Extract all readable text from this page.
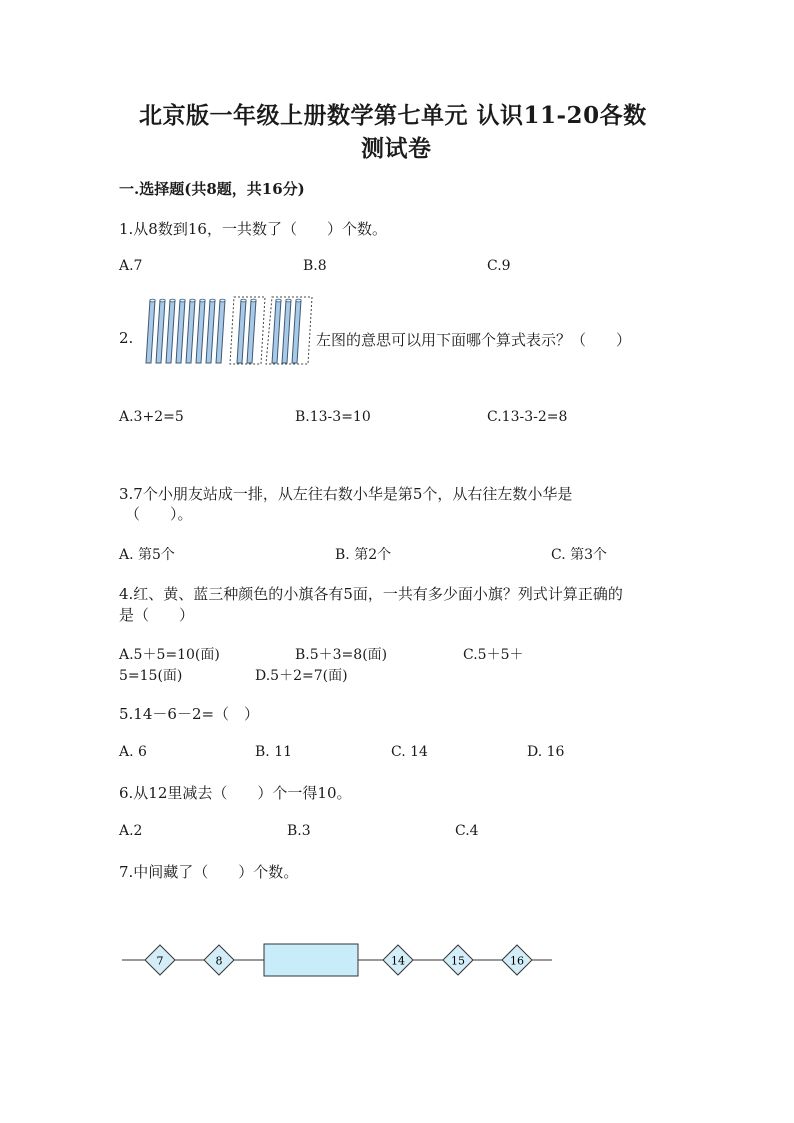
北京版一年级上册数学第七单元 认识11-20各数
测试卷
一.选择题(共8题，共16分)
1.从8数到16，一共数了（　　）个数。
A.7	B.8	C.9
2.	左图的意思可以用下面哪个算式表示？（　　）
A.3+2=5	B.13-3=10	C.13-3-2=8
3.7个小朋友站成一排，从左往右数小华是第5个，从右往左数小华是
（　　）。
A. 第5个	B. 第2个	C. 第3个
4.红、黄、蓝三种颜色的小旗各有5面，一共有多少面小旗？列式计算正确的
是（　　）
A.5＋5=10(面)	B.5＋3=8(面)	C.5＋5＋
5=15(面)	D.5＋2=7(面)
5.14－6－2=（　）
A. 6	B. 11	C. 14	D. 16
6.从12里减去（　　）个一得10。
A.2	B.3	C.4
7.中间藏了（　　）个数。
7	8	14	15	16
